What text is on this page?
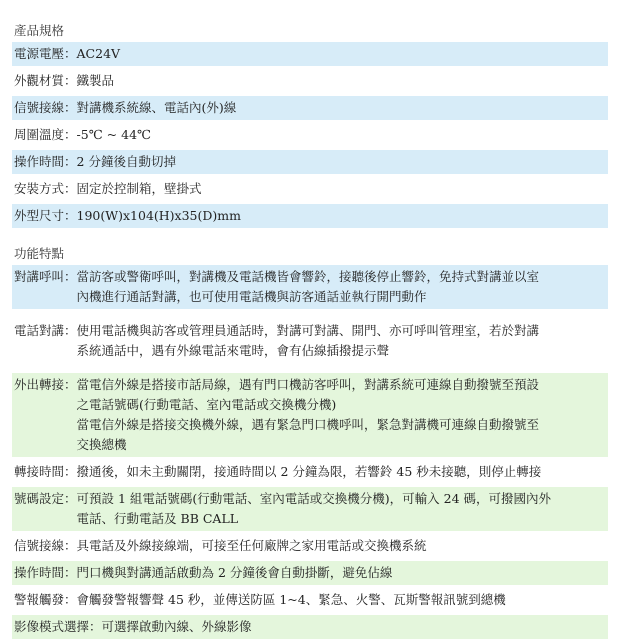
產品規格
電源電壓 ： AC24V
外觀材質 ： 鐵製品
信號接線 ： 對講機系統線、電話內(外)線
周圍溫度 ： -5℃ ~ 44℃
操作時間 ： 2 分鐘後自動切掉
安裝方式 ： 固定於控制箱，壁掛式
外型尺寸 ： 190(W)x104(H)x35(D)mm
功能特點
對講呼叫 ： 當訪客或警衛呼叫，對講機及電話機皆會響鈴，接聽後停止響鈴，免持式對講並以室
內機進行通話對講，也可使用電話機與訪客通話並執行開門動作
電話對講 ： 使用電話機與訪客或管理員通話時，對講可對講、開門、亦可呼叫管理室，若於對講
系統通話中，遇有外線電話來電時，會有佔線插撥提示聲
外出轉接 ： 當電信外線是搭接市話局線，遇有門口機訪客呼叫，對講系統可連線自動撥號至預設
之電話號碼(行動電話、室內電話或交換機分機)
當電信外線是搭接交換機外線，遇有緊急門口機呼叫，緊急對講機可連線自動撥號至
交換總機
轉接時間 ： 撥通後，如未主動關閉，接通時間以 2 分鐘為限，若響鈴 45 秒未接聽，則停止轉接
號碼設定 ： 可預設 1 組電話號碼(行動電話、室內電話或交換機分機)，可輸入 24 碼，可撥國內外
電話、行動電話及 BB CALL
信號接線 ： 具電話及外線接線端，可接至任何廠牌之家用電話或交換機系統
操作時間 ： 門口機與對講通話啟動為 2 分鐘後會自動掛斷，避免佔線
警報觸發 ： 會觸發警報響聲 45 秒，並傳送防區 1~4、緊急、火警、瓦斯警報訊號到總機
影像模式選擇 ： 可選擇啟動內線、外線影像
